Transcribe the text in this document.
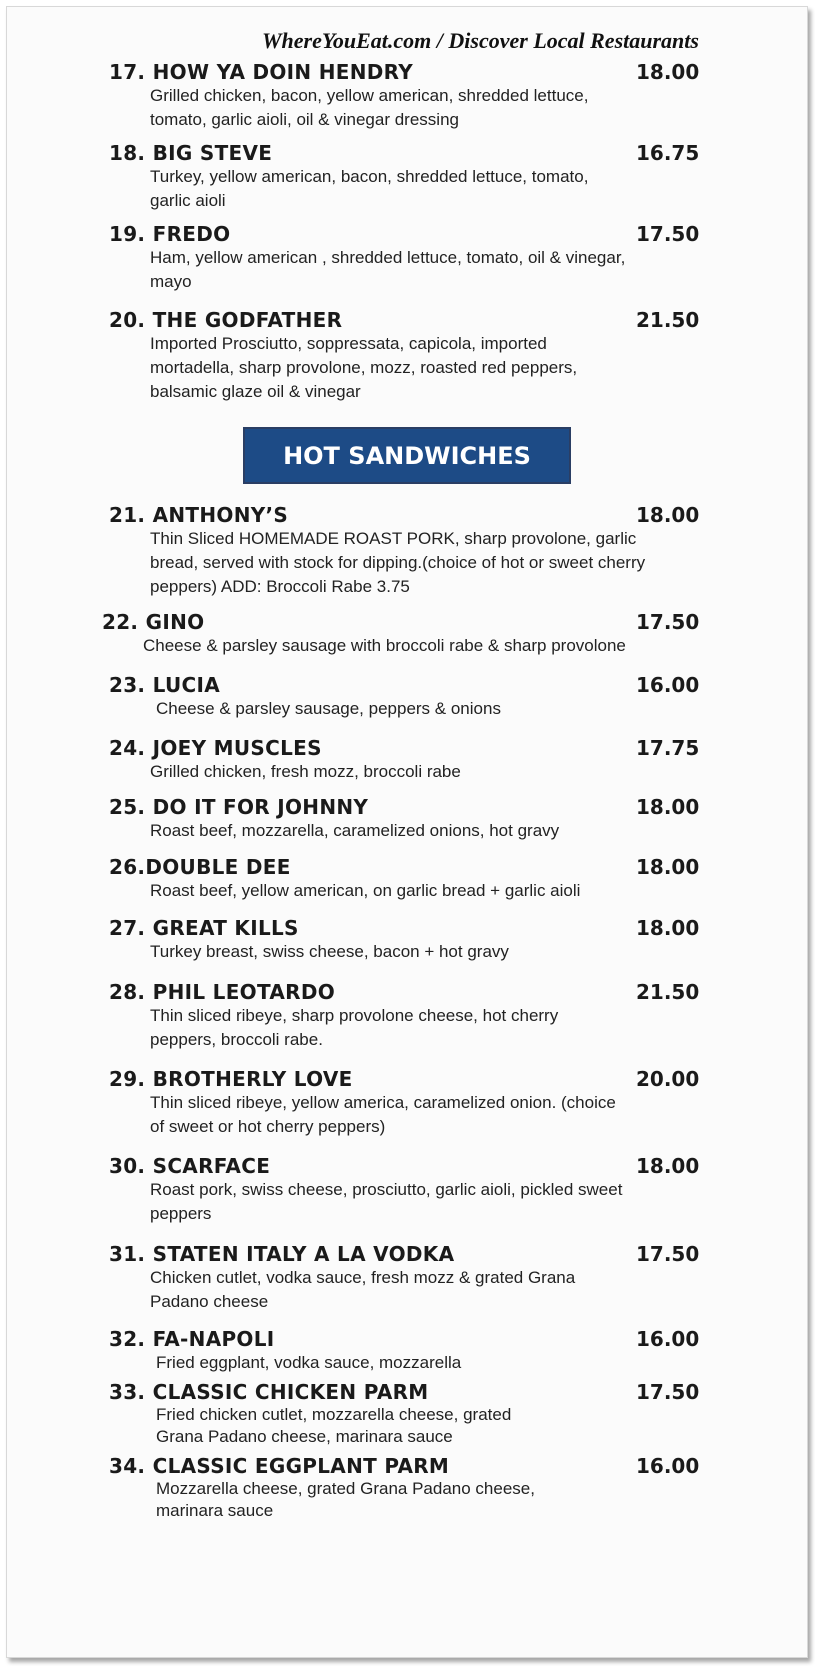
WhereYouEat.com / Discover Local Restaurants
HOT SANDWICHES
17. HOW YA DOIN HENDRY	18.00
Grilled chicken, bacon, yellow american, shredded lettuce, tomato, garlic aioli, oil & vinegar dressing
18. BIG STEVE	16.75
Turkey, yellow american, bacon, shredded lettuce, tomato, garlic aioli
19. FREDO	17.50
Ham, yellow american , shredded lettuce, tomato, oil & vinegar, mayo
20. THE GODFATHER	21.50
Imported Prosciutto, soppressata, capicola, imported mortadella, sharp provolone, mozz, roasted red peppers, balsamic glaze oil & vinegar
21. ANTHONY’S	18.00
Thin Sliced HOMEMADE ROAST PORK, sharp provolone, garlic bread, served with stock for dipping.(choice of hot or sweet cherry peppers) ADD: Broccoli Rabe 3.75
22. GINO	17.50
Cheese & parsley sausage with broccoli rabe & sharp provolone
23. LUCIA	16.00
Cheese & parsley sausage, peppers & onions
24. JOEY MUSCLES	17.75
Grilled chicken, fresh mozz, broccoli rabe
25. DO IT FOR JOHNNY	18.00
Roast beef, mozzarella, caramelized onions, hot gravy
26.DOUBLE DEE	18.00
Roast beef, yellow american, on garlic bread + garlic aioli
27. GREAT KILLS	18.00
Turkey breast, swiss cheese, bacon + hot gravy
28. PHIL LEOTARDO	21.50
Thin sliced ribeye, sharp provolone cheese, hot cherry peppers, broccoli rabe.
29. BROTHERLY LOVE	20.00
Thin sliced ribeye, yellow america, caramelized onion. (choice of sweet or hot cherry peppers)
30. SCARFACE	18.00
Roast pork, swiss cheese, prosciutto, garlic aioli, pickled sweet peppers
31. STATEN ITALY A LA VODKA	17.50
Chicken cutlet, vodka sauce, fresh mozz & grated Grana Padano cheese
32. FA-NAPOLI	16.00
Fried eggplant, vodka sauce, mozzarella
33. CLASSIC CHICKEN PARM	17.50
Fried chicken cutlet, mozzarella cheese, grated Grana Padano cheese, marinara sauce
34. CLASSIC EGGPLANT PARM	16.00
Mozzarella cheese, grated Grana Padano cheese, marinara sauce
